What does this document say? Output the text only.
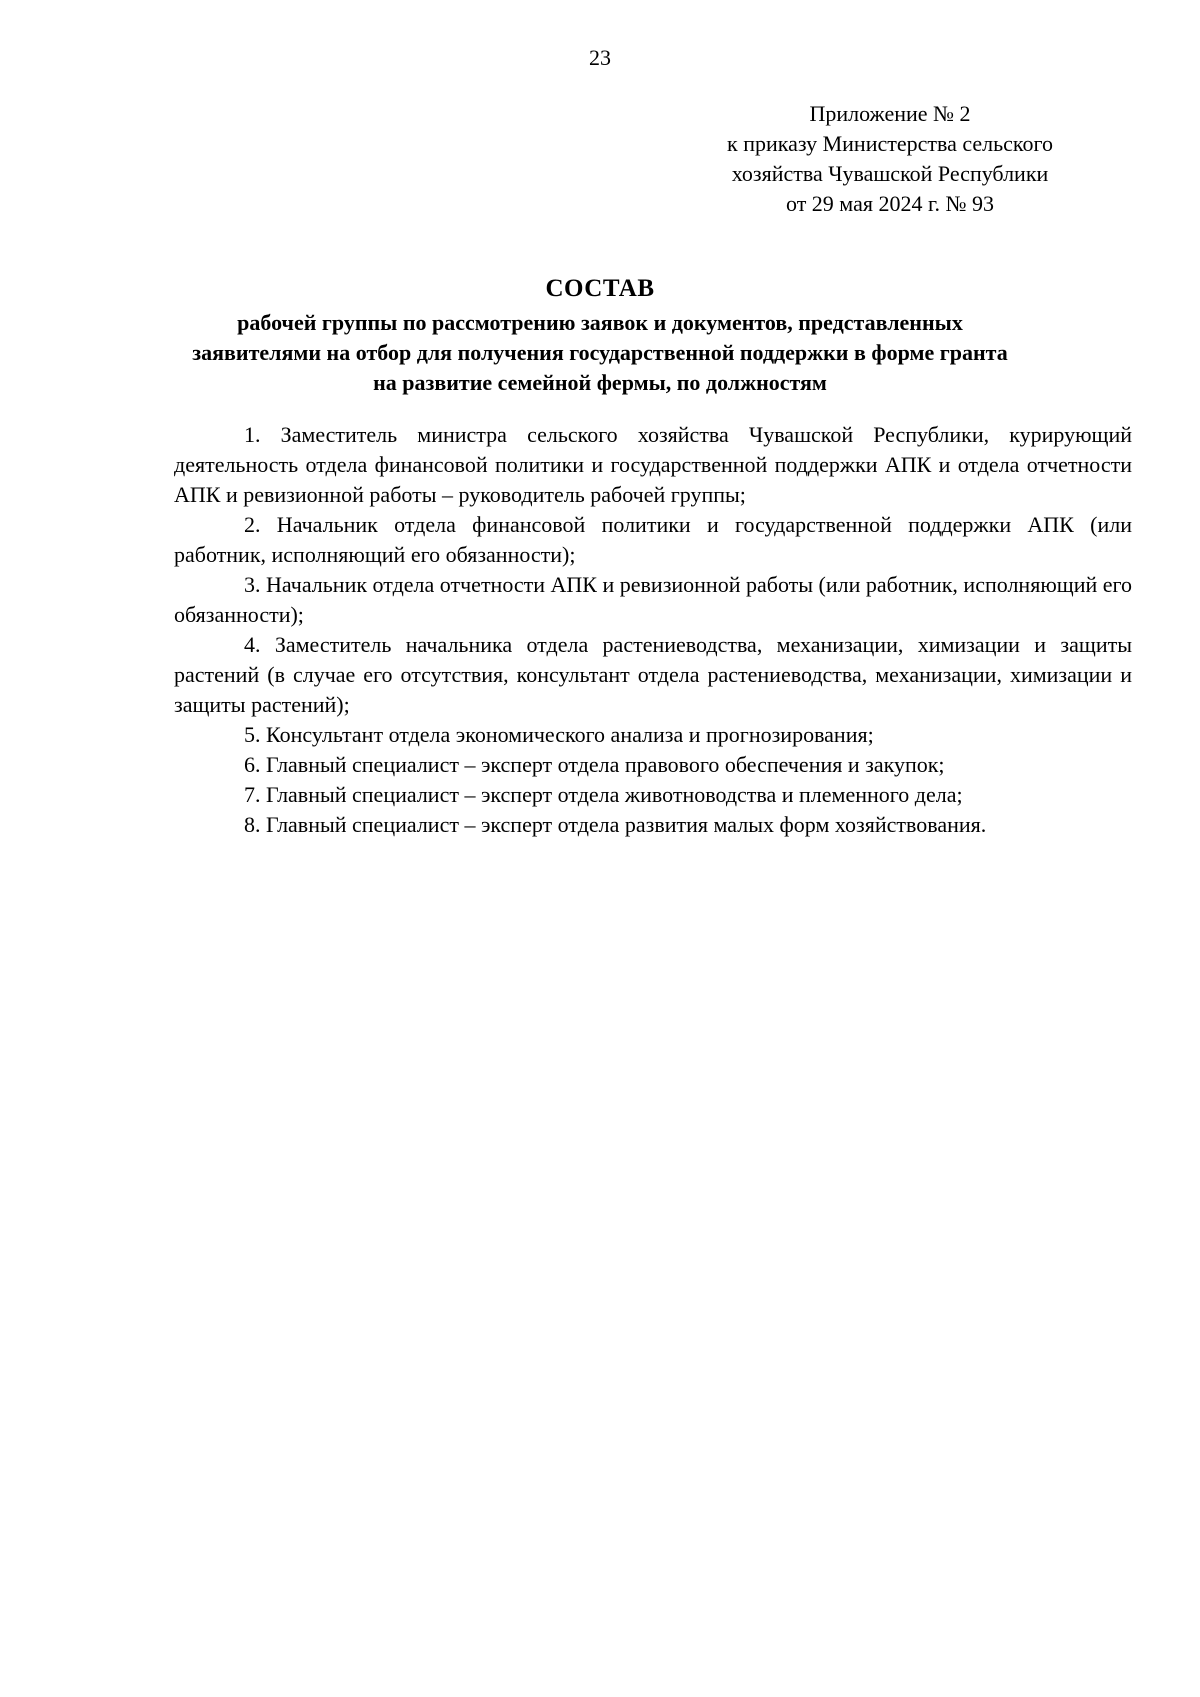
23
Приложение № 2
к приказу Министерства сельского
хозяйства Чувашской Республики
от 29 мая 2024 г. № 93
СОСТАВ
рабочей группы по рассмотрению заявок и документов, представленных
заявителями на отбор для получения государственной поддержки в форме гранта
на развитие семейной фермы, по должностям

1. Заместитель министра сельского хозяйства Чувашской Республики, курирующий деятельность отдела финансовой политики и государственной поддержки АПК и отдела отчетности АПК и ревизионной работы – руководитель рабочей группы;

2. Начальник отдела финансовой политики и государственной поддержки АПК (или работник, исполняющий его обязанности);

3. Начальник отдела отчетности АПК и ревизионной работы (или работник, исполняющий его обязанности);

4. Заместитель начальника отдела растениеводства, механизации, химизации и защиты растений (в случае его отсутствия, консультант отдела растениеводства, механизации, химизации и защиты растений);

5. Консультант отдела экономического анализа и прогнозирования;

6. Главный специалист – эксперт отдела правового обеспечения и закупок;

7. Главный специалист – эксперт отдела животноводства и племенного дела;

8. Главный специалист – эксперт отдела развития малых форм хозяйствования.
